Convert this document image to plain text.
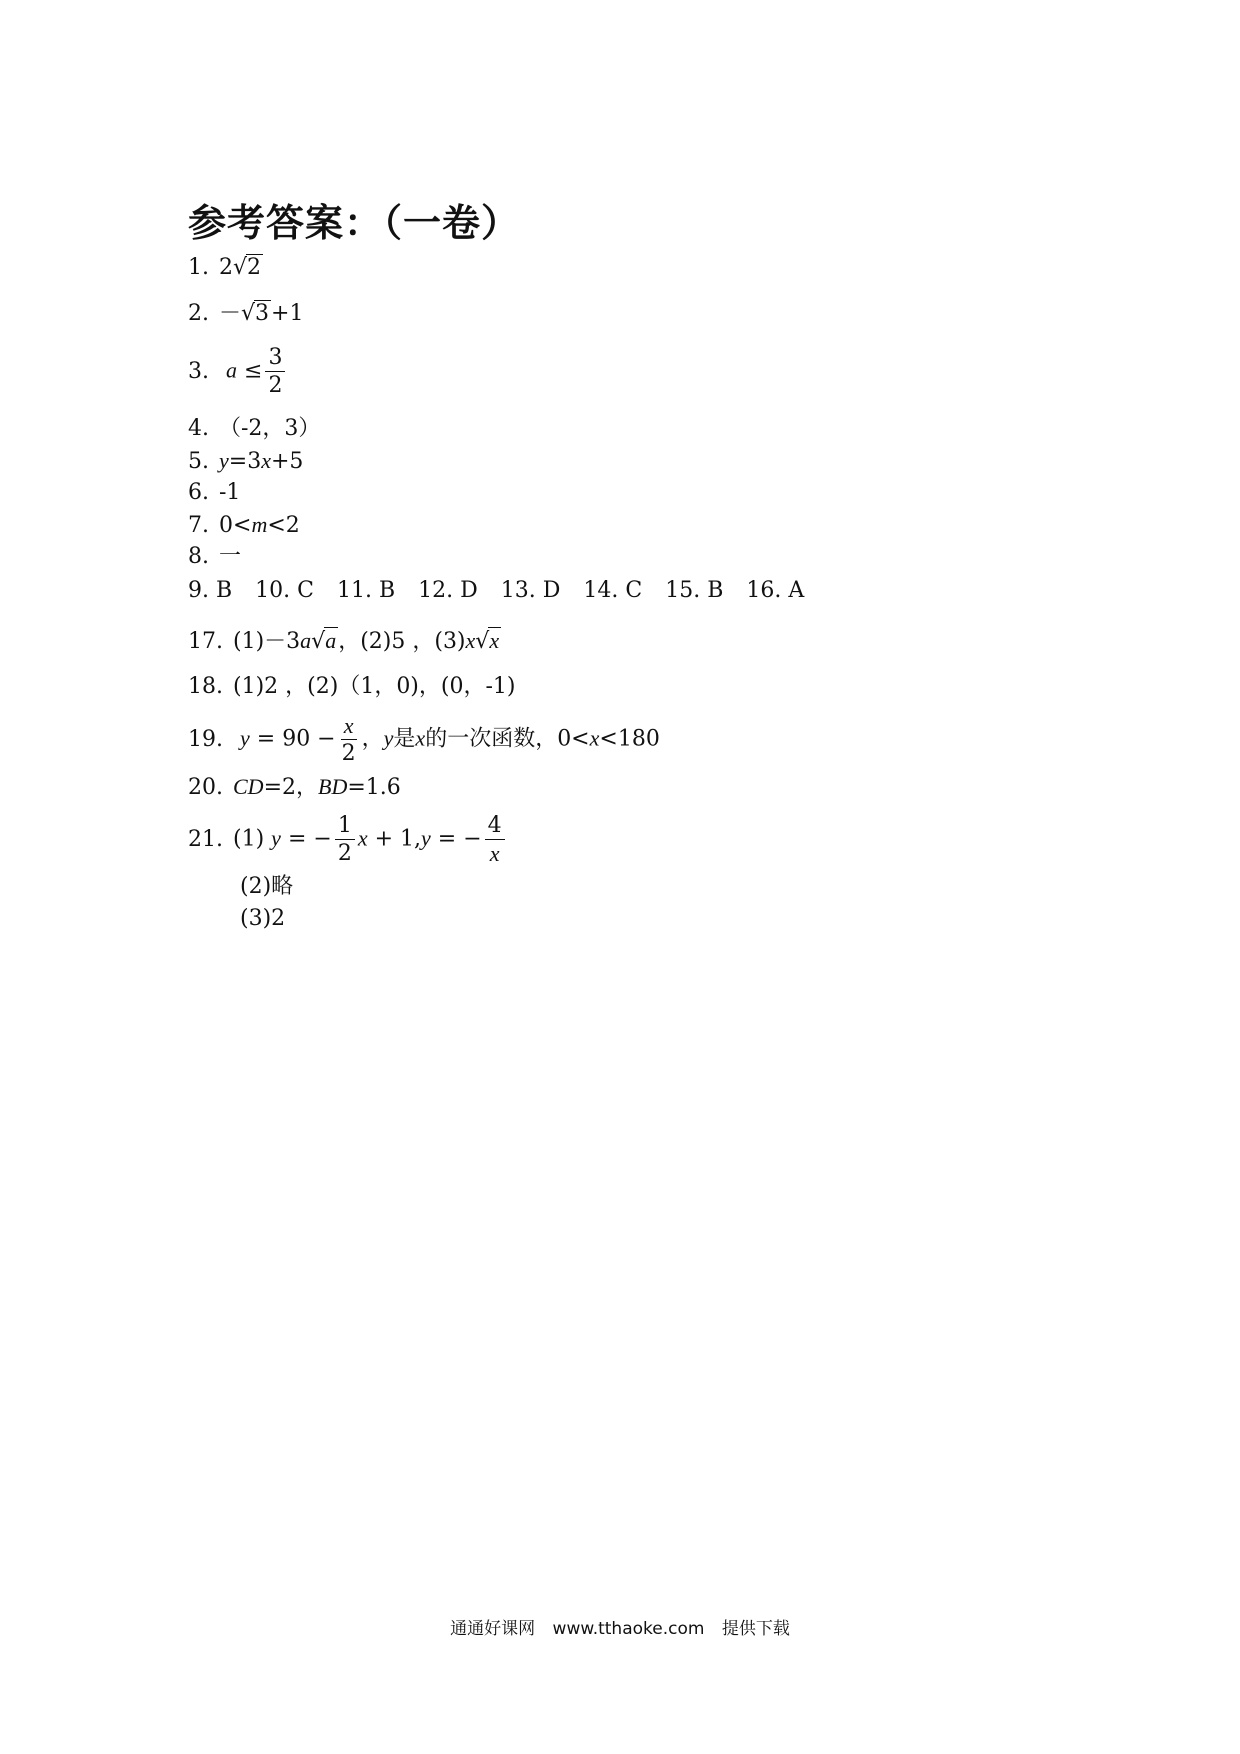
参考答案：（一卷）
1. 2√2
2. －√3+1
3. $a \le \frac{3}{2}$
4. （-2，3）
5. y=3x+5
6. -1
7. 0<m<2
8. 一
9. B 10. C 11. B 12. D 13. D 14. C 15. B 16. A
17. (1)－3a√a，(2)5 ，(3)x√x
18. (1)2 ，(2)（1，0)，(0，-1)
19. $y = 90 - \frac{x}{2}$ ，y是x的一次函数，0<x<180
20. CD=2，BD=1.6
21. (1) y = − $\frac{1}{2}$ x + 1,y = − $\frac{4}{x}$
(2)略
(3)2
通通好课网 www.tthaoke.com 提供下载
